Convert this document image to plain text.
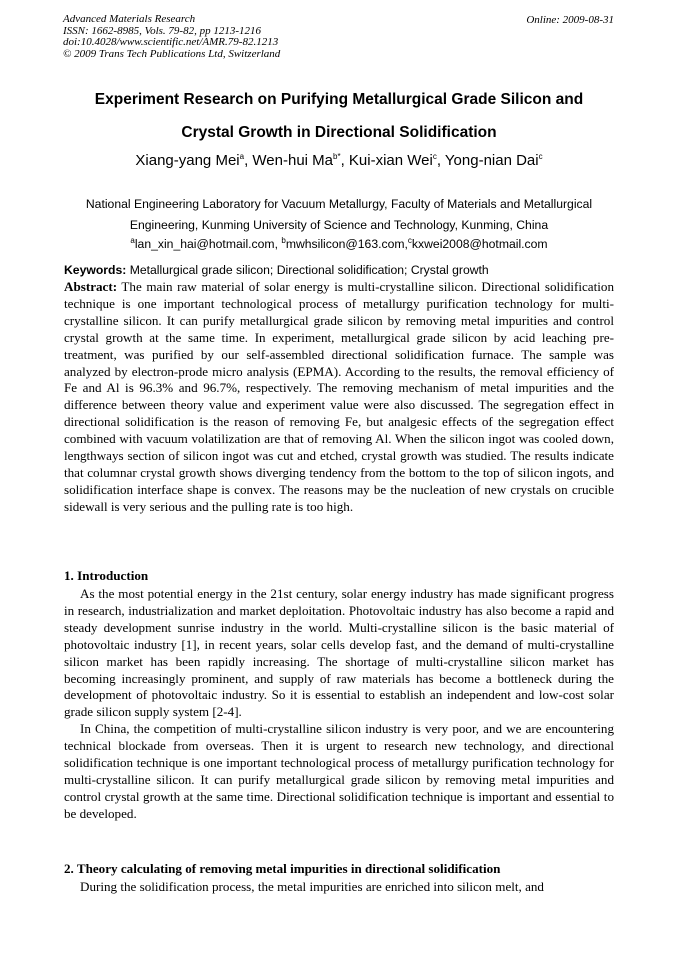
Advanced Materials Research
ISSN: 1662-8985, Vols. 79-82, pp 1213-1216
doi:10.4028/www.scientific.net/AMR.79-82.1213
© 2009 Trans Tech Publications Ltd, Switzerland
Online: 2009-08-31
Experiment Research on Purifying Metallurgical Grade Silicon and
Crystal Growth in Directional Solidification
Xiang-yang Mei$^a$, Wen-hui $Ma^{b*}$, Kui-xian Wei$^c$, Yong-nian Dai$^c$
National Engineering Laboratory for Vacuum Metallurgy, Faculty of Materials and Metallurgical
Engineering, Kunming University of Science and Technology, Kunming, China
$^a$lan_xin_hai@hotmail.com, $^b$mwhsilicon@163.com,$^c$kxwei2008@hotmail.com
Keywords: Metallurgical grade silicon; Directional solidification; Crystal growth

Abstract: The main raw material of solar energy is multi-crystalline silicon. Directional solidification technique is one important technological process of metallurgy purification technology for multi-crystalline silicon. It can purify metallurgical grade silicon by removing metal impurities and control crystal growth at the same time. In experiment, metallurgical grade silicon by acid leaching pre-treatment, was purified by our self-assembled directional solidification furnace. The sample was analyzed by electron-prode micro analysis (EPMA). According to the results, the removal efficiency of Fe and Al is 96.3% and 96.7%, respectively. The removing mechanism of metal impurities and the difference between theory value and experiment value were also discussed. The segregation effect in directional solidification is the reason of removing Fe, but analgesic effects of the segregation effect combined with vacuum volatilization are that of removing Al. When the silicon ingot was cooled down, lengthways section of silicon ingot was cut and etched, crystal growth was studied. The results indicate that columnar crystal growth shows diverging tendency from the bottom to the top of silicon ingots, and solidification interface shape is convex. The reasons may be the nucleation of new crystals on crucible sidewall is very serious and the pulling rate is too high.

1. Introduction

As the most potential energy in the 21st century, solar energy industry has made significant progress in research, industrialization and market deploitation. Photovoltaic industry has also become a rapid and steady development sunrise industry in the world. Multi-crystalline silicon is the basic material of photovoltaic industry [1], in recent years, solar cells develop fast, and the demand of multi-crystalline silicon market has been rapidly increasing. The shortage of multi-crystalline silicon market has becoming increasingly prominent, and supply of raw materials has become a bottleneck during the development of photovoltaic industry. So it is essential to establish an independent and low-cost solar grade silicon supply system [2-4].

In China, the competition of multi-crystalline silicon industry is very poor, and we are encountering technical blockade from overseas. Then it is urgent to research new technology, and directional solidification technique is one important technological process of metallurgy purification technology for multi-crystalline silicon. It can purify metallurgical grade silicon by removing metal impurities and control crystal growth at the same time. Directional solidification technique is important and essential to be developed.

2. Theory calculating of removing metal impurities in directional solidification

During the solidification process, the metal impurities are enriched into silicon melt, and
